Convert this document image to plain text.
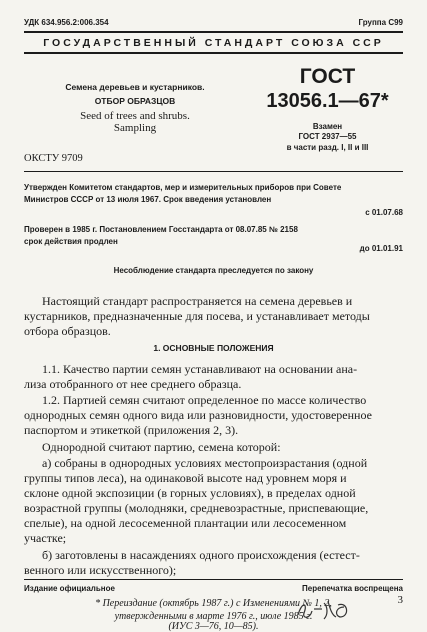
УДК 634.956.2:006.354	Группа С99
ГОСУДАРСТВЕННЫЙ СТАНДАРТ СОЮЗА ССР
Семена деревьев и кустарников.
ОТБОР ОБРАЗЦОВ
Seed of trees and shrubs.
Sampling
ОКСТУ 9709
ГОСТ
13056.1—67*
Взамен
ГОСТ 2937—55
в части разд. I, II и III
Утвержден Комитетом стандартов, мер и измерительных приборов при Совете
Министров СССР от 13 июля 1967. Срок введения установлен
с 01.07.68
Проверен в 1985 г. Постановлением Госстандарта от 08.07.85 № 2158
срок действия продлен
до 01.01.91
Несоблюдение стандарта преследуется по закону
Настоящий стандарт распространяется на семена деревьев и
кустарников, предназначенные для посева, и устанавливает методы
отбора образцов.
1. ОСНОВНЫЕ ПОЛОЖЕНИЯ
1.1. Качество партии семян устанавливают на основании ана-
лиза отобранного от нее среднего образца.
1.2. Партией семян считают определенное по массе количество
однородных семян одного вида или разновидности, удостоверенное
паспортом и этикеткой (приложения 2, 3).
Однородной считают партию, семена которой:
а) собраны в однородных условиях местопроизрастания (одной
группы типов леса), на одинаковой высоте над уровнем моря и
склоне одной экспозиции (в горных условиях), в пределах одной
возрастной группы (молодняки, средневозрастные, приспевающие,
спелые), на одной лесосеменной плантации или лесосеменном
участке;
б) заготовлены в насаждениях одного происхождения (естест-
венного или искусственного);
Издание официальное	Перепечатка воспрещена
* Переиздание (октябрь 1987 г.) с Изменениями № 1, 2,
утвержденными в марте 1976 г., июле 1985 г.
(ИУС 3—76, 10—85).
3
